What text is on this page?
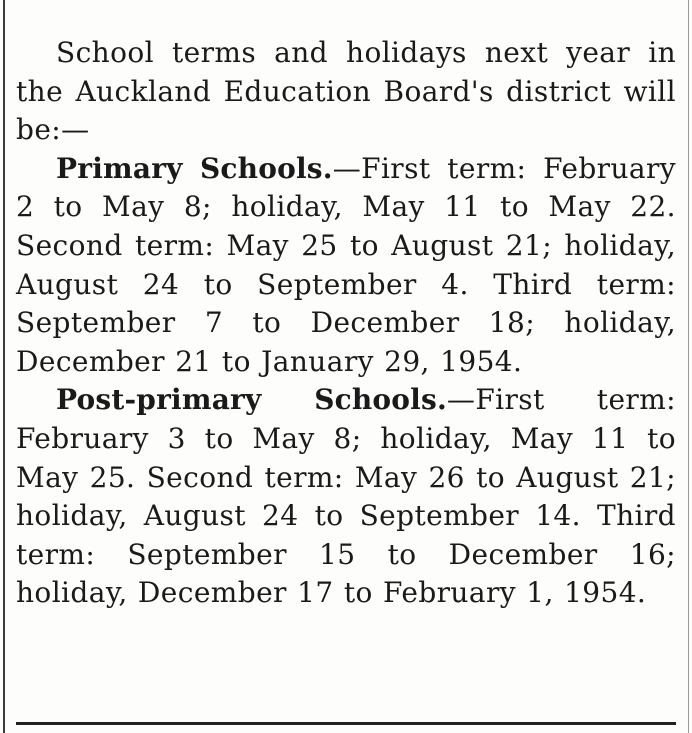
School terms and holidays next year in the Auckland Education Board's district will be:—

Primary Schools.—First term: February 2 to May 8; holiday, May 11 to May 22. Second term: May 25 to August 21; holiday, August 24 to September 4. Third term: September 7 to December 18; holiday, December 21 to January 29, 1954.

Post-primary Schools.—First term: February 3 to May 8; holiday, May 11 to May 25. Second term: May 26 to August 21; holiday, August 24 to September 14. Third term: September 15 to December 16; holiday, December 17 to February 1, 1954.
